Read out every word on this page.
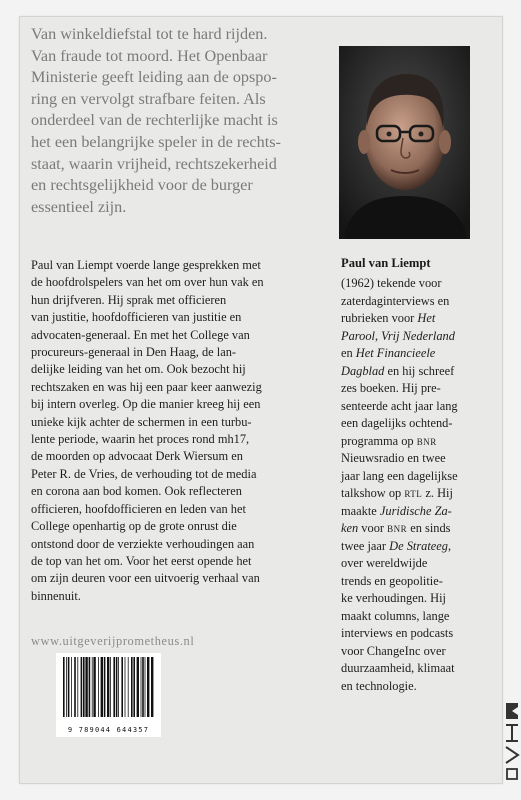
Van winkeldiefstal tot te hard rijden.
Van fraude tot moord. Het Openbaar
Ministerie geeft leiding aan de opspo-
ring en vervolgt strafbare feiten. Als
onderdeel van de rechterlijke macht is
het een belangrijke speler in de rechts-
staat, waarin vrijheid, rechtszekerheid
en rechtsgelijkheid voor de burger
essentieel zijn.
Paul van Liempt voerde lange gesprekken met
de hoofdrolspelers van het om over hun vak en
hun drijfveren. Hij sprak met officieren
van justitie, hoofdofficieren van justitie en
advocaten-generaal. En met het College van
procureurs-generaal in Den Haag, de lan-
delijke leiding van het om. Ook bezocht hij
rechtszaken en was hij een paar keer aanwezig
bij intern overleg. Op die manier kreeg hij een
unieke kijk achter de schermen in een turbu-
lente periode, waarin het proces rond mh17,
de moorden op advocaat Derk Wiersum en
Peter R. de Vries, de verhouding tot de media
en corona aan bod komen. Ook reflecteren
officieren, hoofdofficieren en leden van het
College openhartig op de grote onrust die
ontstond door de verziekte verhoudingen aan
de top van het om. Voor het eerst opende het
om zijn deuren voor een uitvoerig verhaal van
binnenuit.
www.uitgeverijprometheus.nl
9 789044 644357
Paul van Liempt
(1962) tekende voor
zaterdaginterviews en
rubrieken voor Het
Parool, Vrij Nederland
en Het Financieele
Dagblad en hij schreef
zes boeken. Hij pre-
senteerde acht jaar lang
een dagelijks ochtend-
programma op bnr
Nieuwsradio en twee
jaar lang een dagelijkse
talkshow op rtl z. Hij
maakte Juridische Za-
ken voor bnr en sinds
twee jaar De Strateeg,
over wereldwijde
trends en geopolitie-
ke verhoudingen. Hij
maakt columns, lange
interviews en podcasts
voor ChangeInc over
duurzaamheid, klimaat
en technologie.
